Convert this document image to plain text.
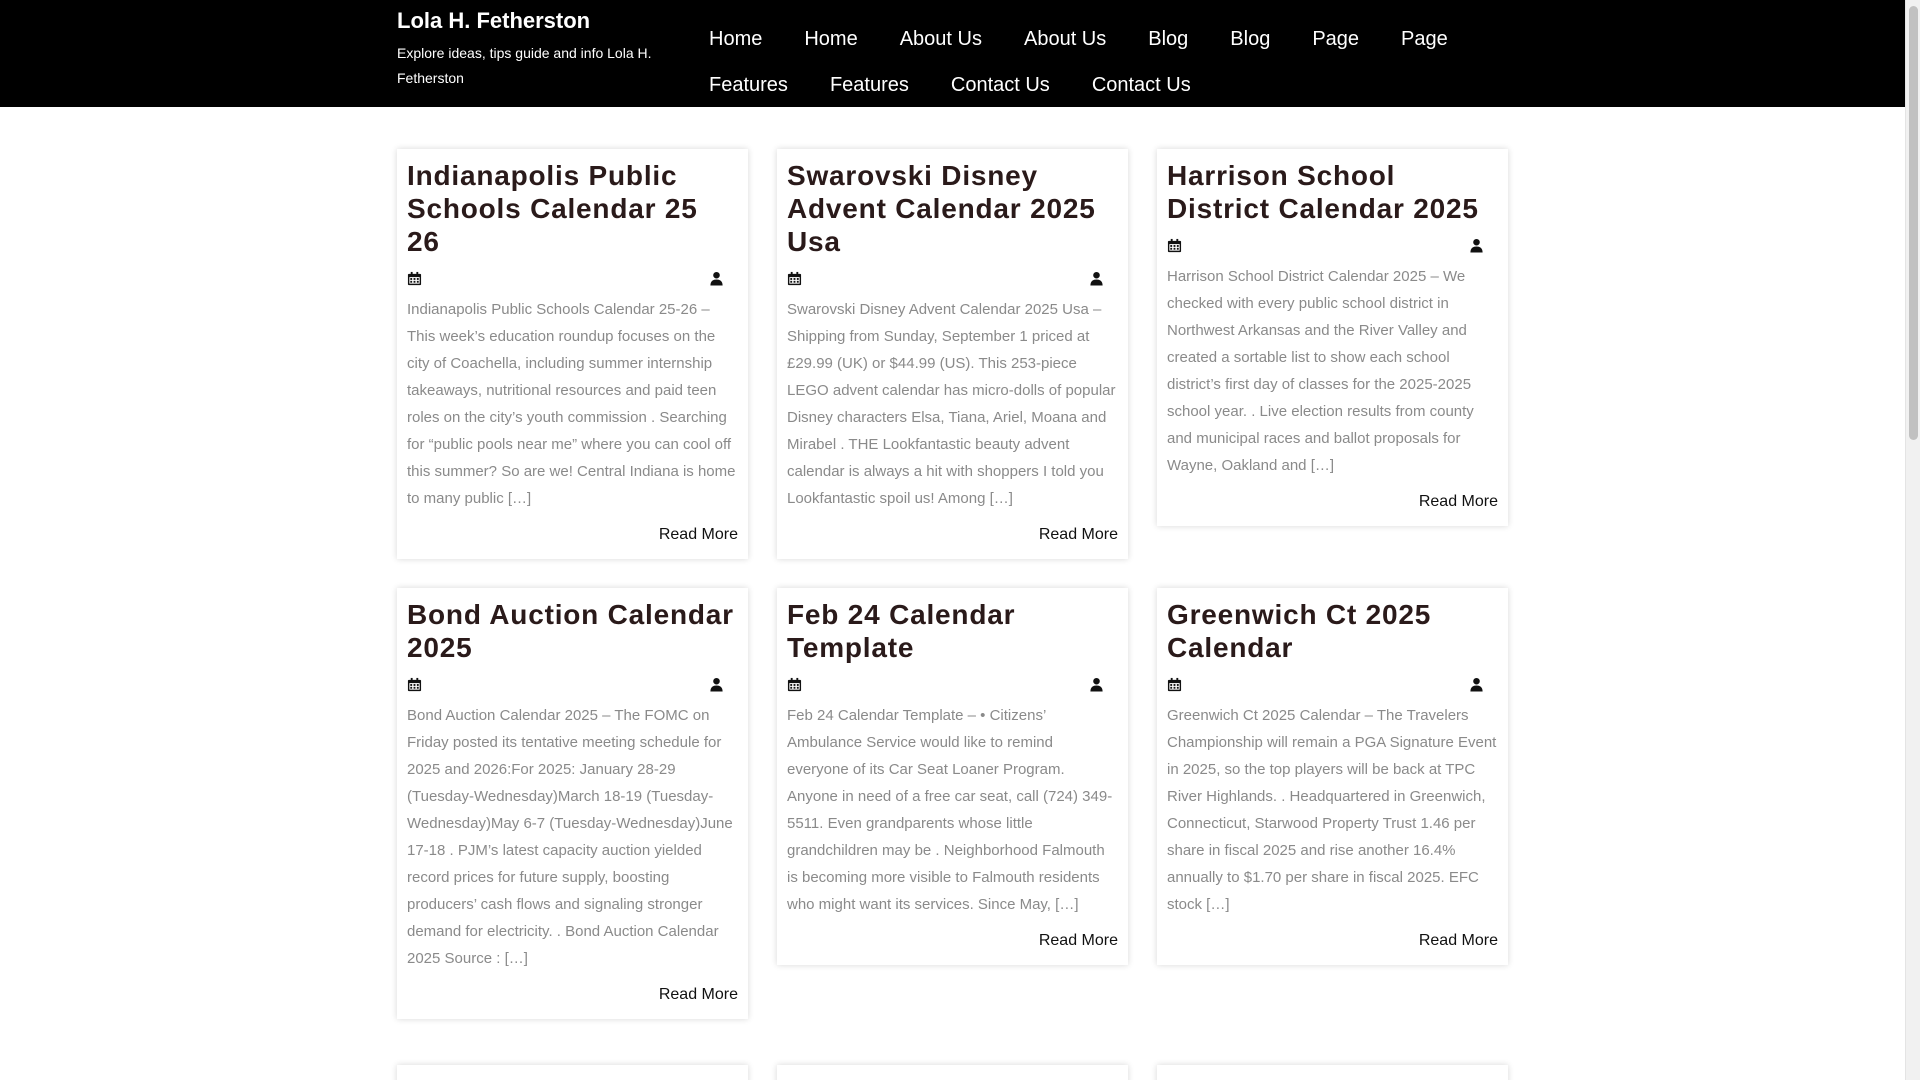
Lola H. Fetherston
Explore ideas, tips guide and info Lola H. Fetherston
Home	Home	About Us	About Us	Blog	Blog	Page	Page
Features	Features	Contact Us	Contact Us
Indianapolis Public Schools Calendar 25 26

Indianapolis Public Schools Calendar 25-26 – This week’s education roundup focuses on the city of Coachella, including summer internship takeaways, nutritional resources and paid teen roles on the city’s youth commission . Searching for “public pools near me” where you can cool off this summer? So are we! Central Indiana is home to many public […]

Read More
Swarovski Disney Advent Calendar 2025 Usa

Swarovski Disney Advent Calendar 2025 Usa – Shipping from Sunday, September 1 priced at £29.99 (UK) or $44.99 (US). This 253-piece LEGO advent calendar has micro-dolls of popular Disney characters Elsa, Tiana, Ariel, Moana and Mirabel . THE Lookfantastic beauty advent calendar is always a hit with shoppers I told you Lookfantastic spoil us! Among […]

Read More
Harrison School District Calendar 2025

Harrison School District Calendar 2025 – We checked with every public school district in Northwest Arkansas and the River Valley and created a sortable list to show each school district’s first day of classes for the 2025-2025 school year. . Live election results from county and municipal races and ballot proposals for Wayne, Oakland and […]

Read More
Bond Auction Calendar 2025

Bond Auction Calendar 2025 – The FOMC on Friday posted its tentative meeting schedule for 2025 and 2026:For 2025: January 28-29 (Tuesday-Wednesday)March 18-19 (Tuesday-Wednesday)May 6-7 (Tuesday-Wednesday)June 17-18 . PJM’s latest capacity auction yielded record prices for future supply, boosting producers’ cash flows and signaling stronger demand for electricity. . Bond Auction Calendar 2025 Source : […]

Read More
Feb 24 Calendar Template

Feb 24 Calendar Template – • Citizens’ Ambulance Service would like to remind everyone of its Car Seat Loaner Program. Anyone in need of a free car seat, call (724) 349-5511. Even grandparents whose little grandchildren may be . Neighborhood Falmouth is becoming more visible to Falmouth residents who might want its services. Since May, […]

Read More
Greenwich Ct 2025 Calendar

Greenwich Ct 2025 Calendar – The Travelers Championship will remain a PGA Signature Event in 2025, so the top players will be back at TPC River Highlands. . Headquartered in Greenwich, Connecticut, Starwood Property Trust 1.46 per share in fiscal 2025 and rise another 16.4% annually to $1.70 per share in fiscal 2025. EFC stock […]

Read More
